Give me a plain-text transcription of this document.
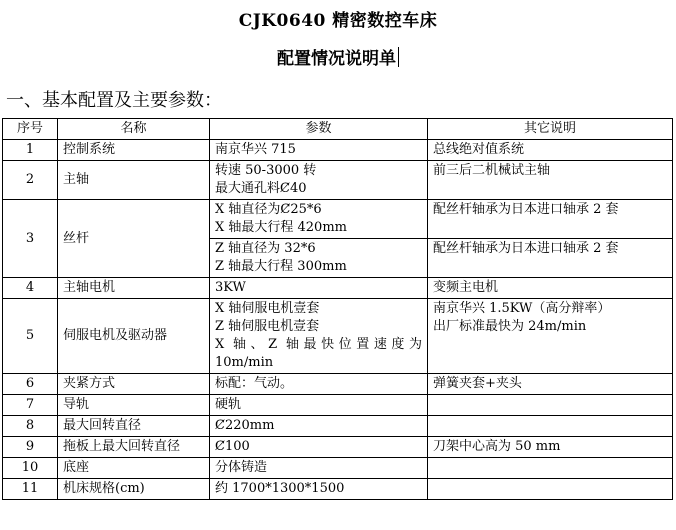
CJK0640 精密数控车床
配置情况说明单
一、基本配置及主要参数：
序号	名称	参数	其它说明
1	控制系统	南京华兴 715	总线绝对值系统

2	主轴	转速 50-3000 转
最大通孔料Ȼ40	前三后二机械试主轴

3	丝杆	X 轴直径为Ȼ25*6
X 轴最大行程 420mm	配丝杆轴承为日本进口轴承 2 套

		Z 轴直径为 32*6
Z 轴最大行程 300mm	配丝杆轴承为日本进口轴承 2 套

4	主轴电机	3KW	变频主电机

5	伺服电机及驱动器	X 轴伺服电机壹套
Z 轴伺服电机壹套
X 轴、Z 轴最快位置速度为
10m/min	南京华兴 1.5KW（高分辩率）
出厂标准最快为 24m/min

6	夹紧方式	标配：气动。	弹簧夹套+夹头

7	导轨	硬轨	

8	最大回转直径	Ȼ220mm	

9	拖板上最大回转直径	Ȼ100	刀架中心高为 50 mm

10	底座	分体铸造	

11	机床规格(cm)	约 1700*1300*1500	
